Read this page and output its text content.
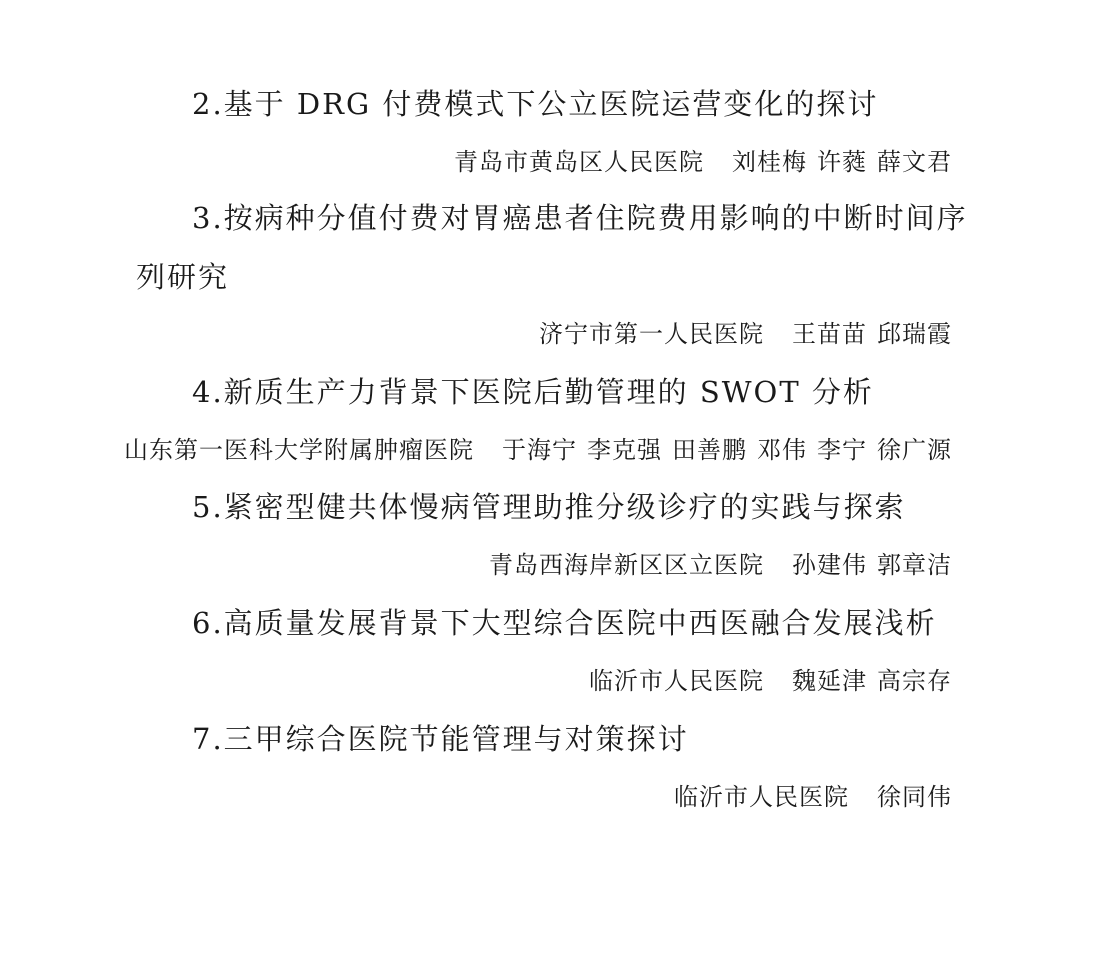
2.基于 DRG 付费模式下公立医院运营变化的探讨
青岛市黄岛区人民医院 刘桂梅 许蕤 薛文君
3.按病种分值付费对胃癌患者住院费用影响的中断时间序
列研究
济宁市第一人民医院 王苗苗 邱瑞霞
4.新质生产力背景下医院后勤管理的 SWOT 分析
山东第一医科大学附属肿瘤医院 于海宁 李克强 田善鹏 邓伟 李宁 徐广源
5.紧密型健共体慢病管理助推分级诊疗的实践与探索
青岛西海岸新区区立医院 孙建伟 郭章洁
6.高质量发展背景下大型综合医院中西医融合发展浅析
临沂市人民医院 魏延津 高宗存
7.三甲综合医院节能管理与对策探讨
临沂市人民医院 徐同伟
